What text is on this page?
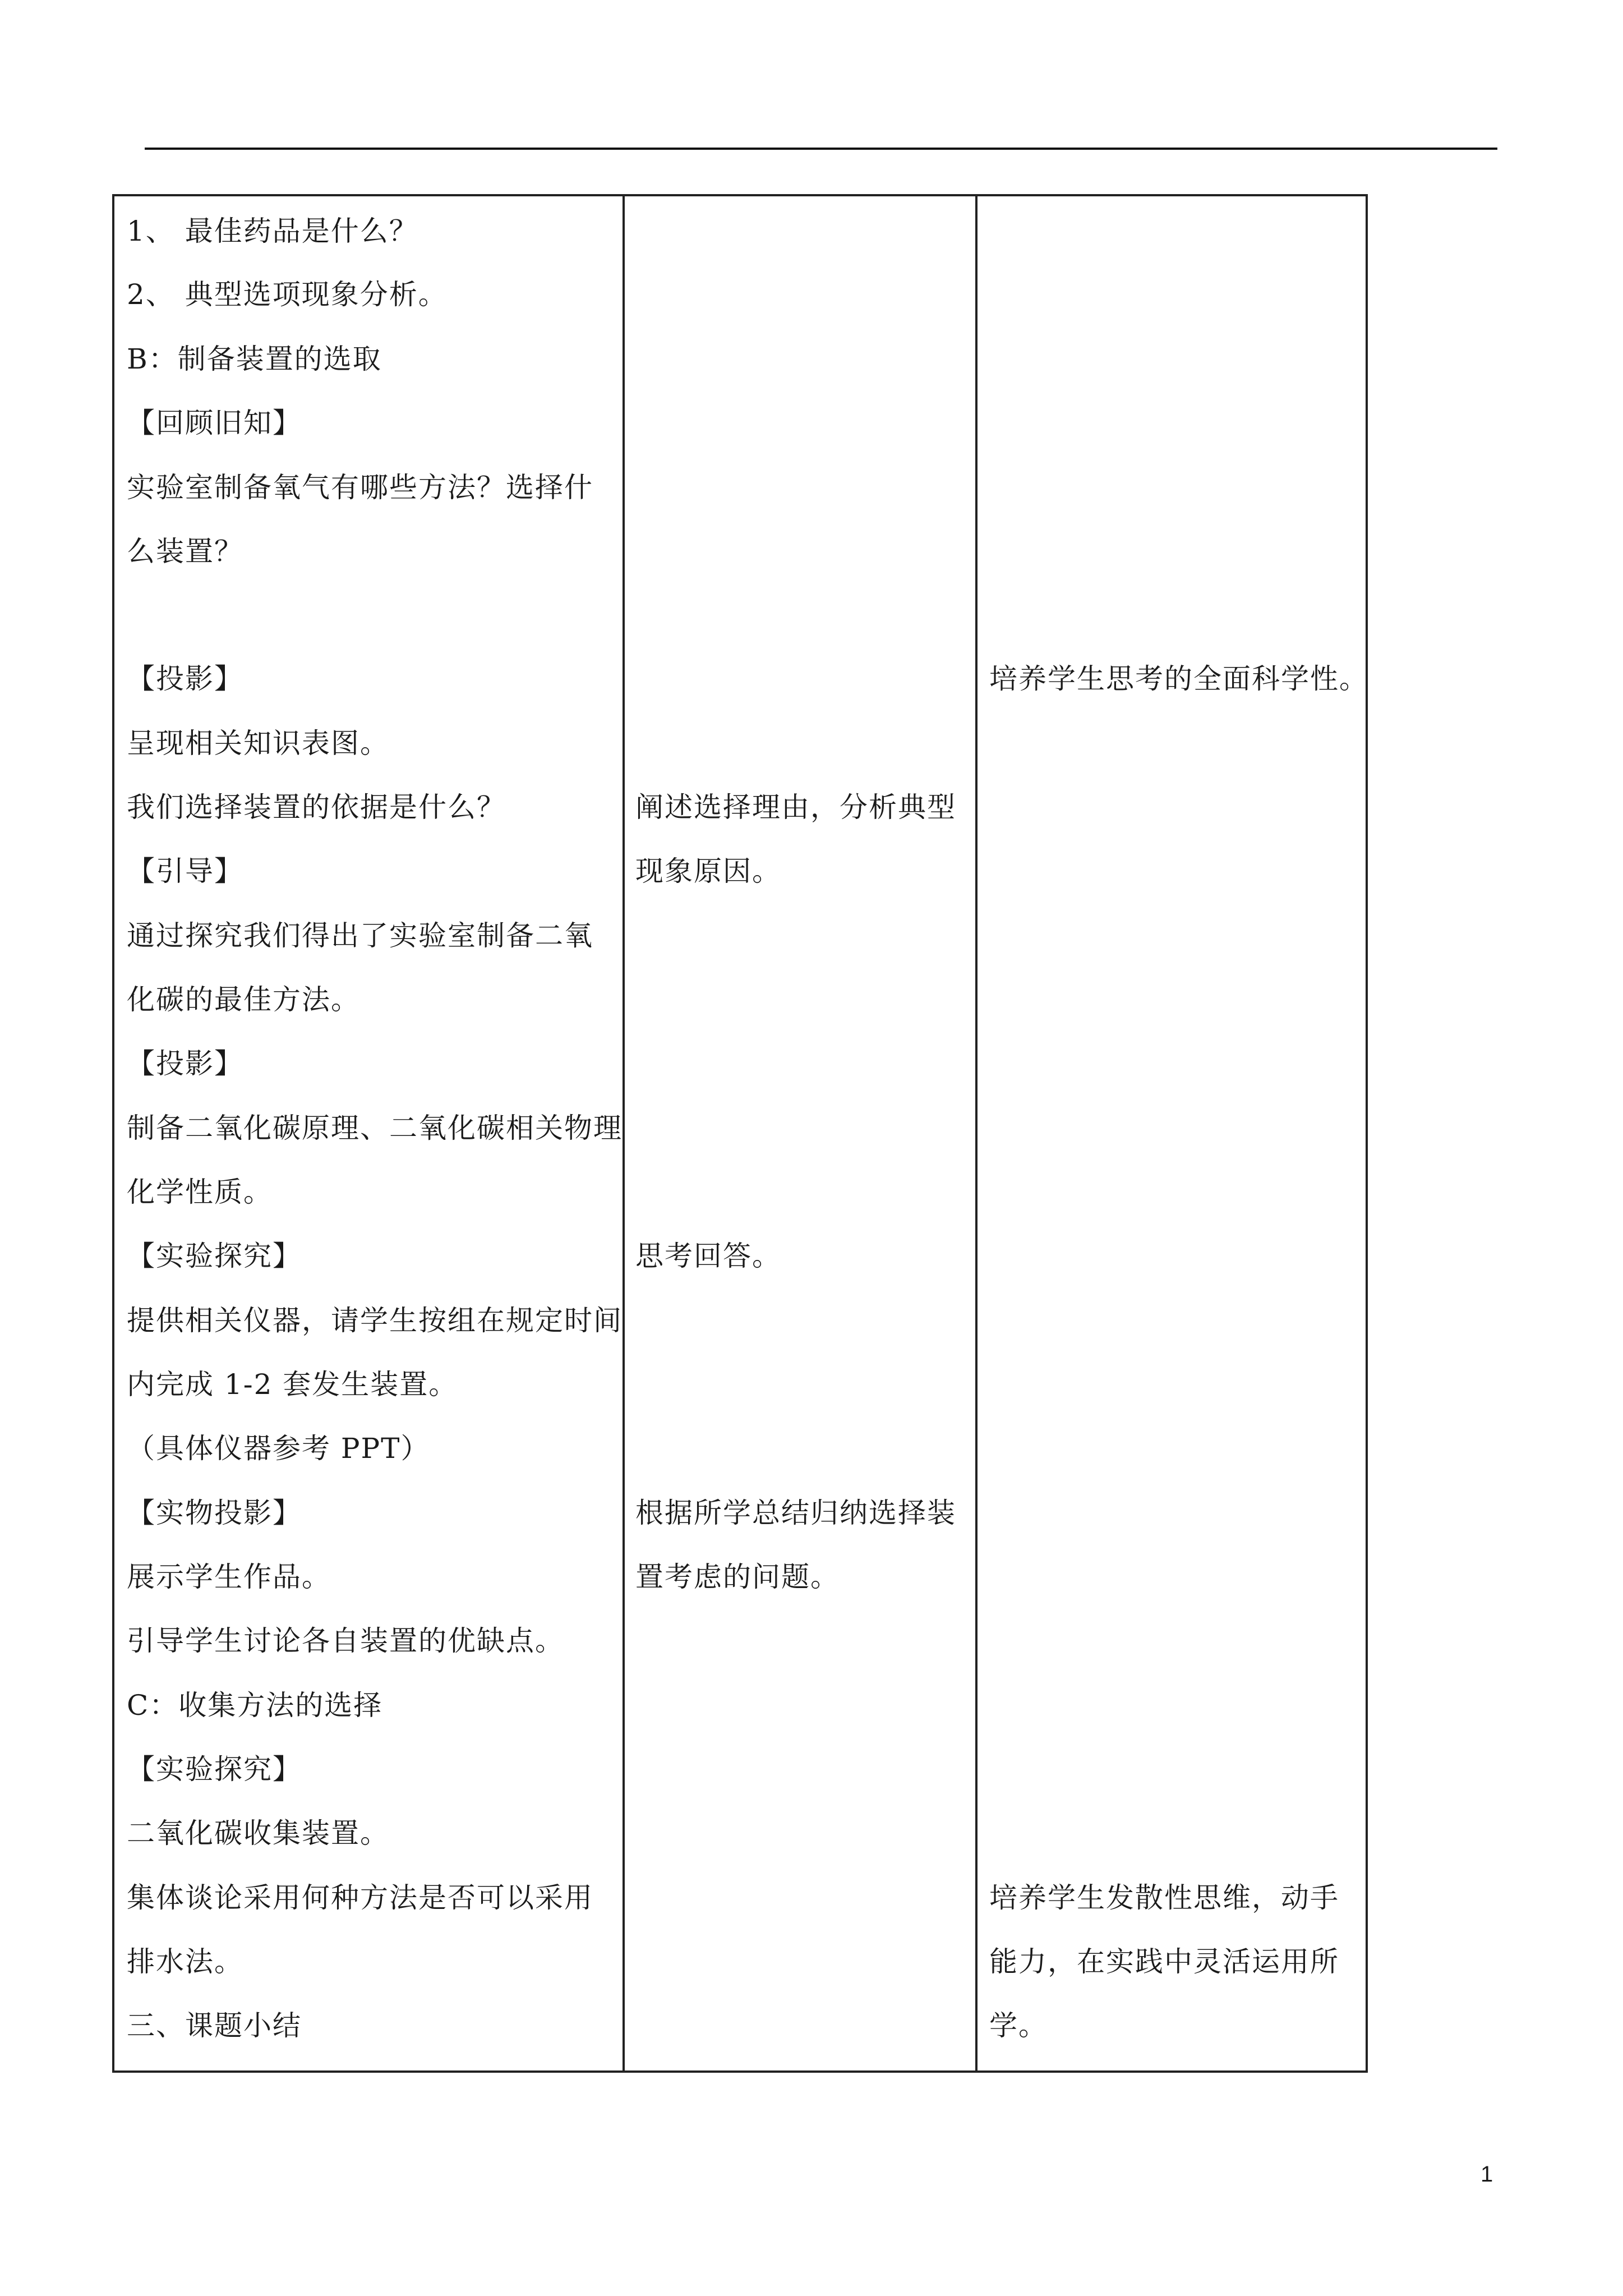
1、 最佳药品是什么？
2、 典型选项现象分析。
B：制备装置的选取
【回顾旧知】
实验室制备氧气有哪些方法？选择什
么装置？
【投影】
呈现相关知识表图。
我们选择装置的依据是什么？
【引导】
通过探究我们得出了实验室制备二氧
化碳的最佳方法。
【投影】
制备二氧化碳原理、二氧化碳相关物理
化学性质。
【实验探究】
提供相关仪器，请学生按组在规定时间
内完成 1-2 套发生装置。
（具体仪器参考 PPT）
【实物投影】
展示学生作品。
引导学生讨论各自装置的优缺点。
C：收集方法的选择
【实验探究】
二氧化碳收集装置。
集体谈论采用何种方法是否可以采用
排水法。
三、课题小结
阐述选择理由，分析典型
现象原因。
思考回答。
根据所学总结归纳选择装
置考虑的问题。
培养学生思考的全面科学性。
培养学生发散性思维，动手
能力，在实践中灵活运用所
学。
1
